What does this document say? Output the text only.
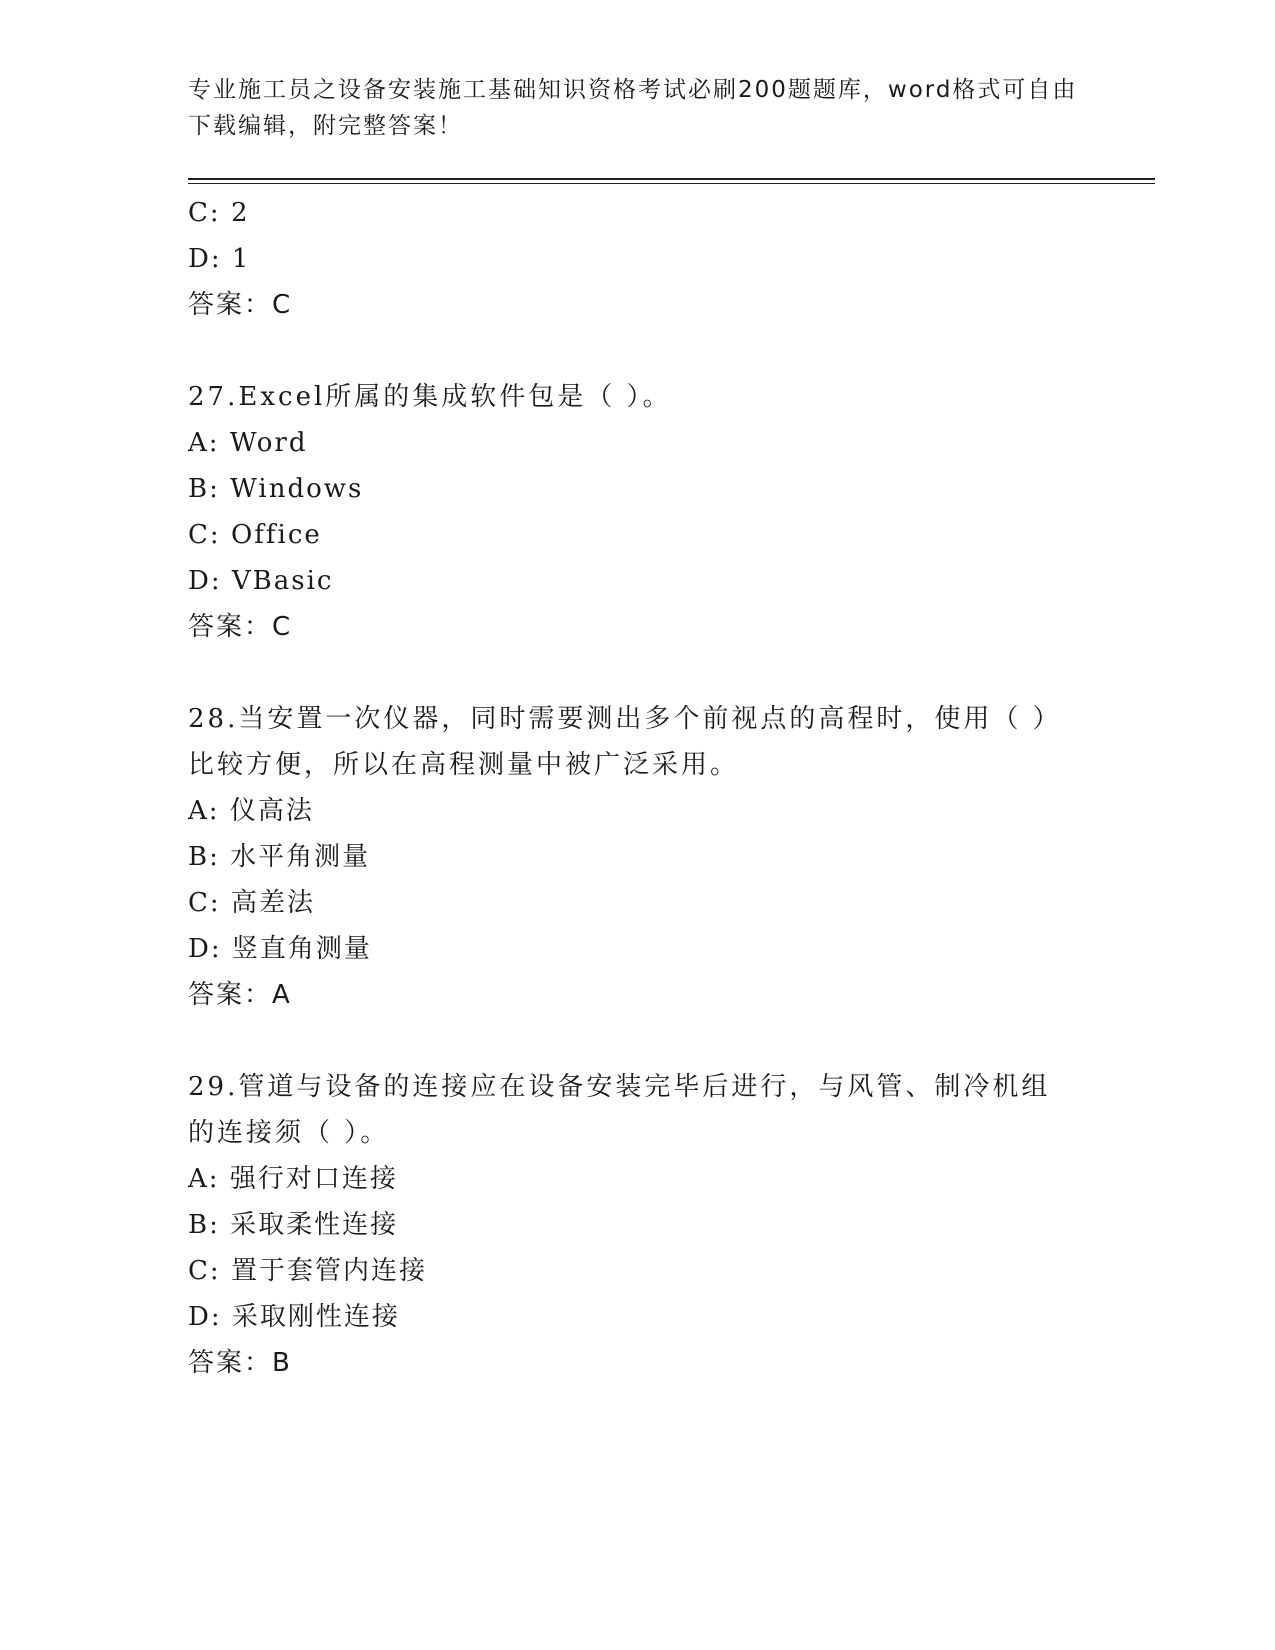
专业施工员之设备安装施工基础知识资格考试必刷200题题库，word格式可自由下载编辑，附完整答案！
C: 2
D: 1
答案：C
27.Excel所属的集成软件包是（ ）。
A: Word
B: Windows
C: Office
D: VBasic
答案：C
28.当安置一次仪器，同时需要测出多个前视点的高程时，使用（ ）比较方便，所以在高程测量中被广泛采用。
A: 仪高法
B: 水平角测量
C: 高差法
D: 竖直角测量
答案：A
29.管道与设备的连接应在设备安装完毕后进行，与风管、制冷机组的连接须（ ）。
A: 强行对口连接
B: 采取柔性连接
C: 置于套管内连接
D: 采取刚性连接
答案：B
